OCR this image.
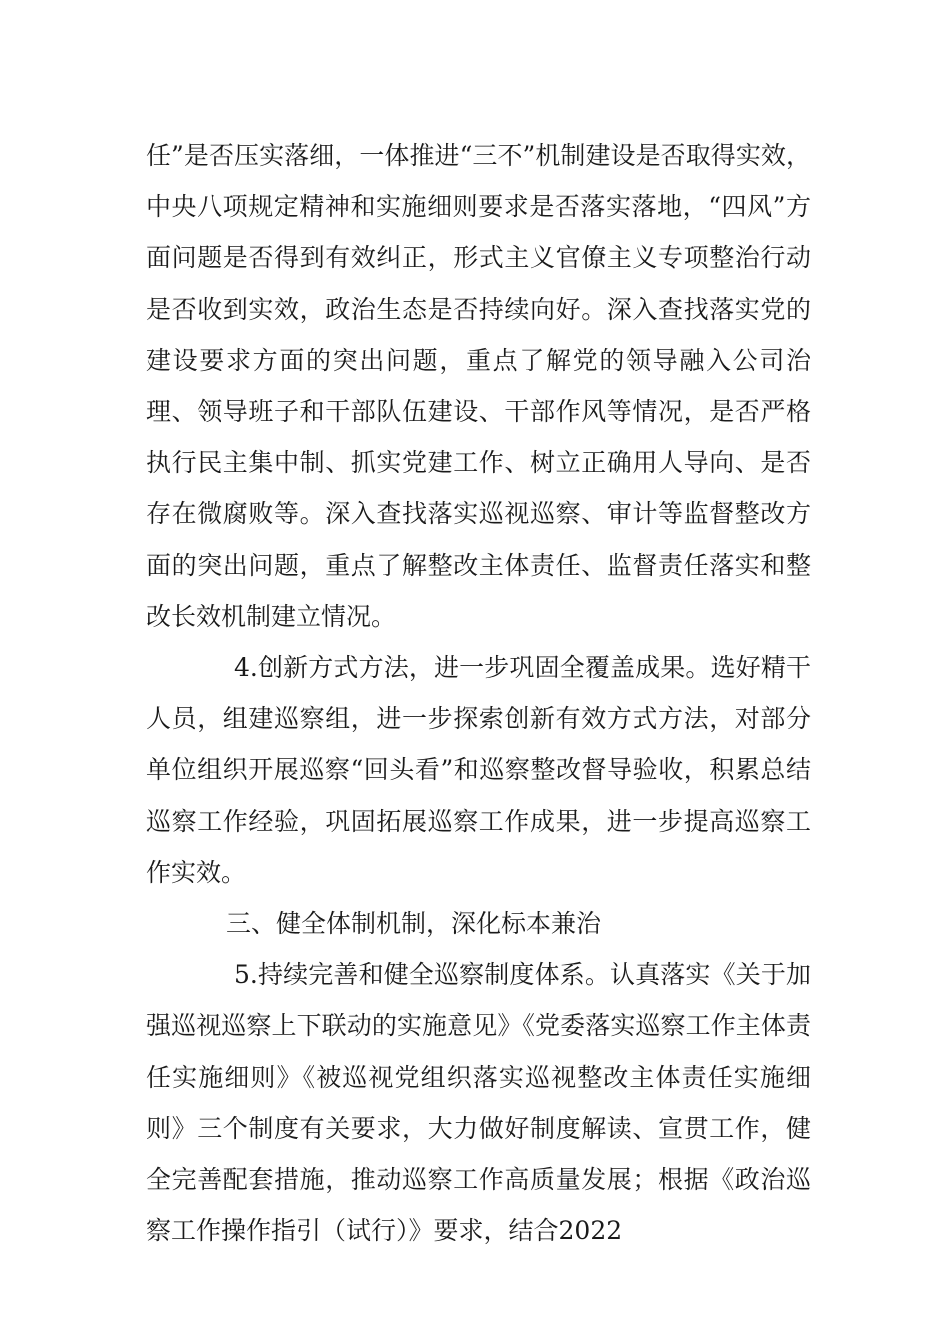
任”是否压实落细，一体推进“三不”机制建设是否取得实效，中央八项规定精神和实施细则要求是否落实落地，“四风”方面问题是否得到有效纠正，形式主义官僚主义专项整治行动是否收到实效，政治生态是否持续向好。深入查找落实党的建设要求方面的突出问题，重点了解党的领导融入公司治理、领导班子和干部队伍建设、干部作风等情况，是否严格执行民主集中制、抓实党建工作、树立正确用人导向、是否存在微腐败等。深入查找落实巡视巡察、审计等监督整改方面的突出问题，重点了解整改主体责任、监督责任落实和整改长效机制建立情况。

4.创新方式方法，进一步巩固全覆盖成果。选好精干人员，组建巡察组，进一步探索创新有效方式方法，对部分单位组织开展巡察“回头看”和巡察整改督导验收，积累总结巡察工作经验，巩固拓展巡察工作成果，进一步提高巡察工作实效。

三、健全体制机制，深化标本兼治

5.持续完善和健全巡察制度体系。认真落实《关于加强巡视巡察上下联动的实施意见》《党委落实巡察工作主体责任实施细则》《被巡视党组织落实巡视整改主体责任实施细则》三个制度有关要求，大力做好制度解读、宣贯工作，健全完善配套措施，推动巡察工作高质量发展；根据《政治巡察工作操作指引（试行）》要求，结合2022
